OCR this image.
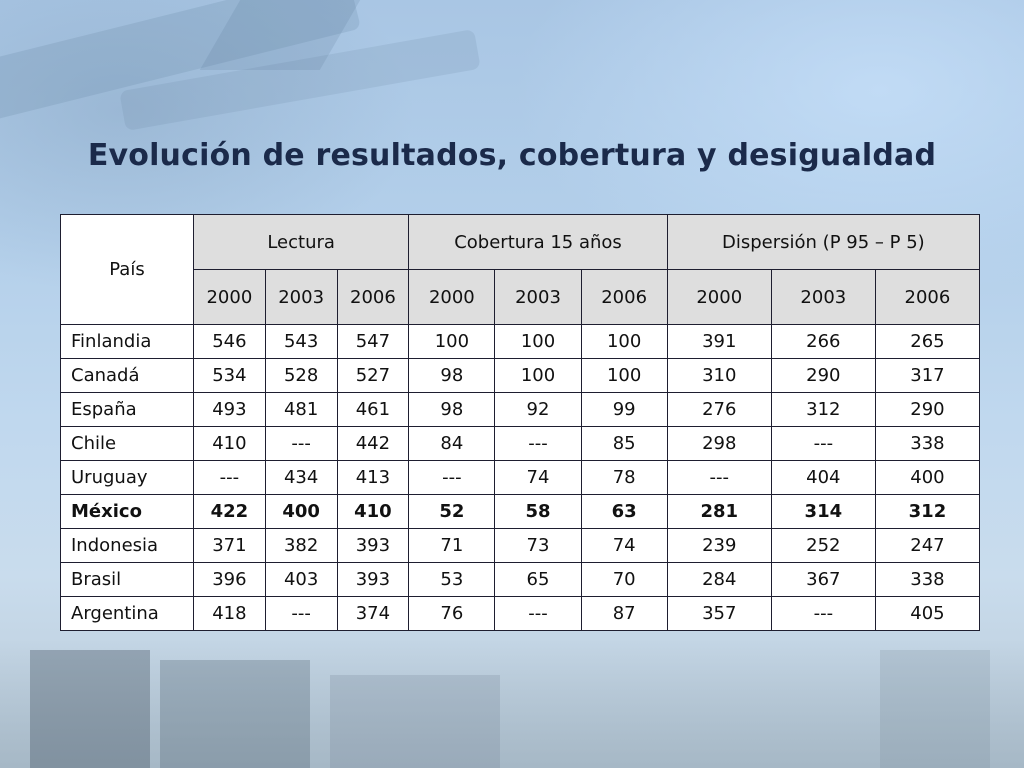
Evolución de resultados, cobertura y desigualdad
País	Lectura			Cobertura 15 años			Dispersión (P 95 – P 5)		
	2000	2003	2006	2000	2003	2006	2000	2003	2006
Finlandia	546	543	547	100	100	100	391	266	265
Canadá	534	528	527	98	100	100	310	290	317
España	493	481	461	98	92	99	276	312	290
Chile	410	---	442	84	---	85	298	---	338
Uruguay	---	434	413	---	74	78	---	404	400
México	422	400	410	52	58	63	281	314	312
Indonesia	371	382	393	71	73	74	239	252	247
Brasil	396	403	393	53	65	70	284	367	338
Argentina	418	---	374	76	---	87	357	---	405
